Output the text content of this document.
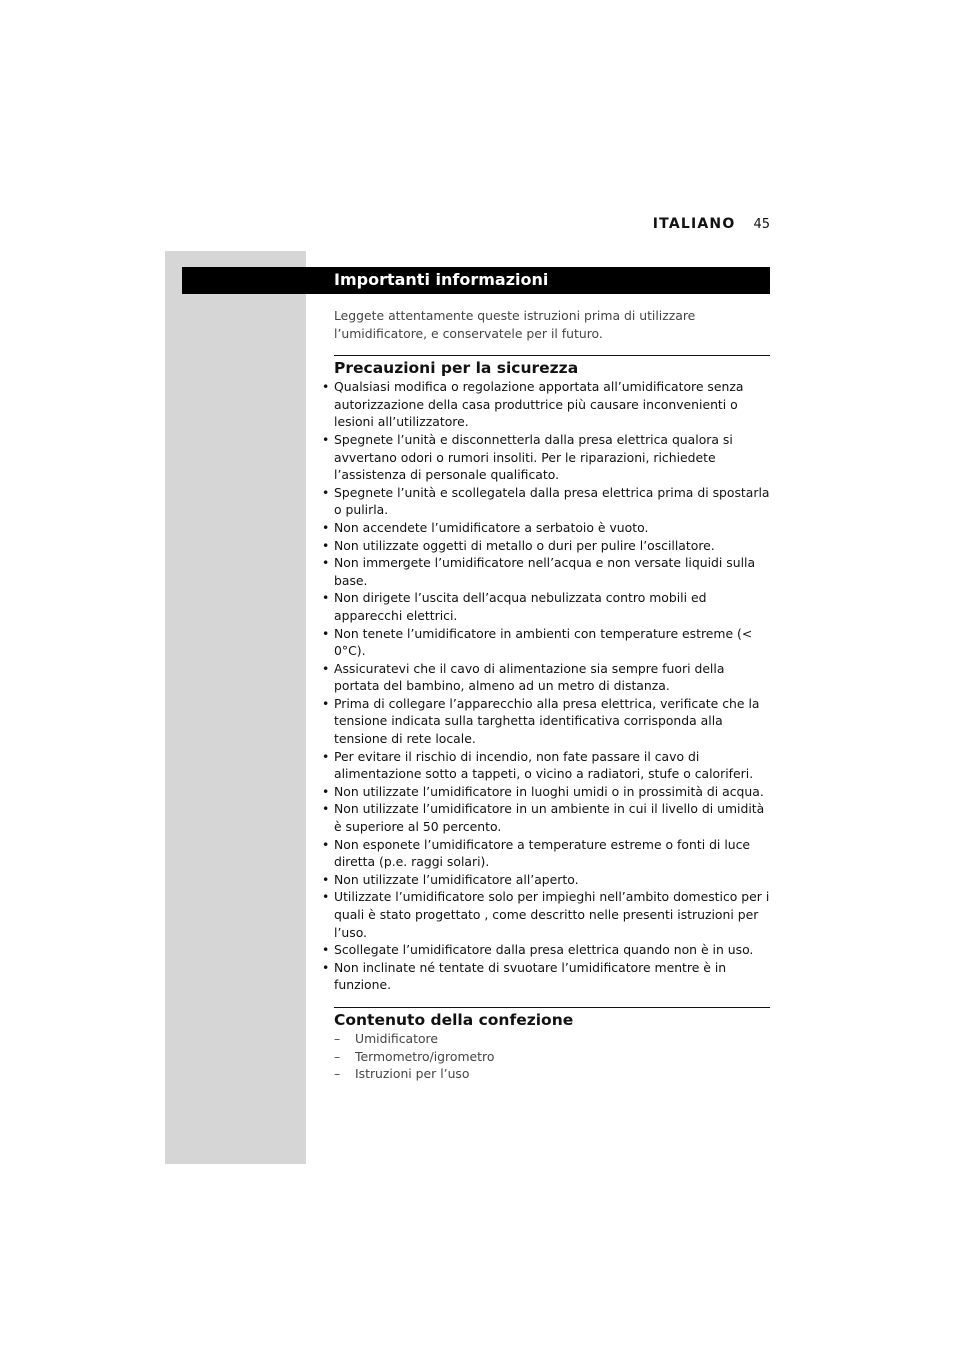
ITALIANO 45
Importanti informazioni

Leggete attentamente queste istruzioni prima di utilizzare l’umidificatore, e conservatele per il futuro.

Precauzioni per la sicurezza
• Qualsiasi modifica o regolazione apportata all’umidificatore senza autorizzazione della casa produttrice più causare inconvenienti o lesioni all’utilizzatore.
• Spegnete l’unità e disconnetterla dalla presa elettrica qualora si avvertano odori o rumori insoliti. Per le riparazioni, richiedete l’assistenza di personale qualificato.
• Spegnete l’unità e scollegatela dalla presa elettrica prima di spostarla o pulirla.
• Non accendete l’umidificatore a serbatoio è vuoto.
• Non utilizzate oggetti di metallo o duri per pulire l’oscillatore.
• Non immergete l’umidificatore nell’acqua e non versate liquidi sulla base.
• Non dirigete l’uscita dell’acqua nebulizzata contro mobili ed apparecchi elettrici.
• Non tenete l’umidificatore in ambienti con temperature estreme (< 0°C).
• Assicuratevi che il cavo di alimentazione sia sempre fuori della portata del bambino, almeno ad un metro di distanza.
• Prima di collegare l’apparecchio alla presa elettrica, verificate che la tensione indicata sulla targhetta identificativa corrisponda alla tensione di rete locale.
• Per evitare il rischio di incendio, non fate passare il cavo di alimentazione sotto a tappeti, o vicino a radiatori, stufe o caloriferi.
• Non utilizzate l’umidificatore in luoghi umidi o in prossimità di acqua.
• Non utilizzate l’umidificatore in un ambiente in cui il livello di umidità è superiore al 50 percento.
• Non esponete l’umidificatore a temperature estreme o fonti di luce diretta (p.e. raggi solari).
• Non utilizzate l’umidificatore all’aperto.
• Utilizzate l’umidificatore solo per impieghi nell’ambito domestico per i quali è stato progettato , come descritto nelle presenti istruzioni per l’uso.
• Scollegate l’umidificatore dalla presa elettrica quando non è in uso.
• Non inclinate né tentate di svuotare l’umidificatore mentre è in funzione.
Contenuto della confezione
– Umidificatore
– Termometro/igrometro
– Istruzioni per l’uso
